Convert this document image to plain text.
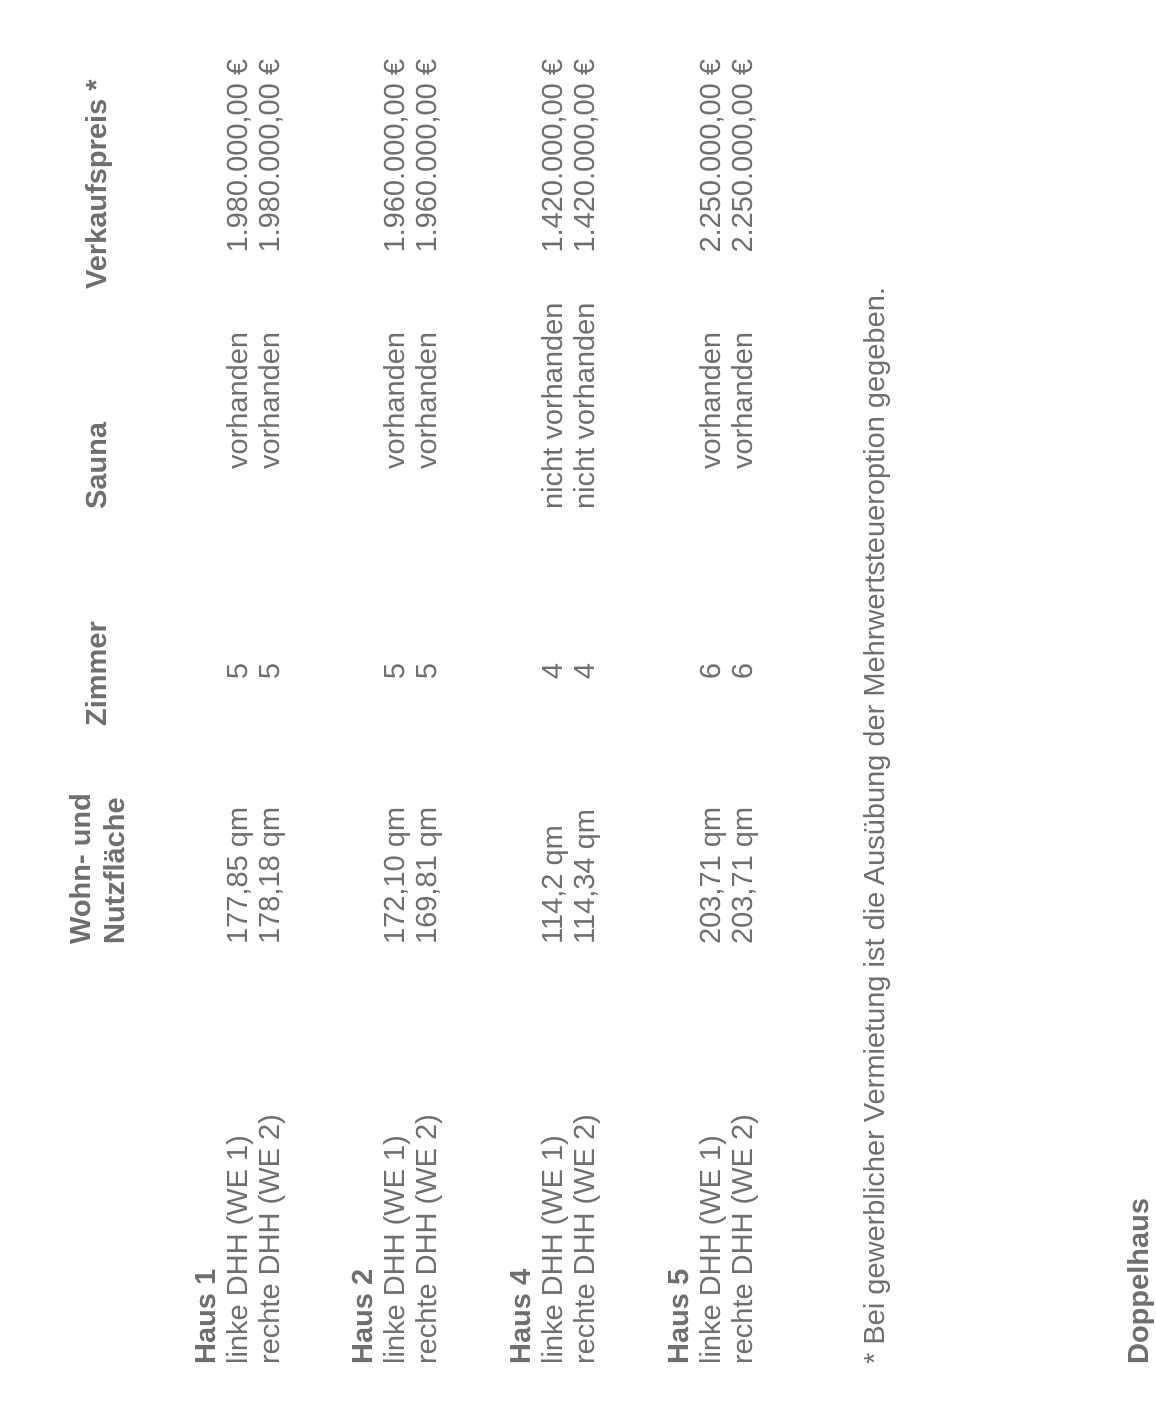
Doppelhaus
Wohn- und Nutzfläche
Zimmer
Sauna
Verkaufspreis *
Haus 1 linke DHH (WE 1)
177,85 qm
5
vorhanden
1.980.000,00 €
rechte DHH (WE 2)
178,18 qm
5
vorhanden
1.980.000,00 €
Haus 2 linke DHH (WE 1)
172,10 qm
5
vorhanden
1.960.000,00 €
rechte DHH (WE 2)
169,81 qm
5
vorhanden
1.960.000,00 €
Haus 4 linke DHH (WE 1)
114,2 qm
4
nicht vorhanden
1.420.000,00 €
rechte DHH (WE 2)
114,34 qm
4
nicht vorhanden
1.420.000,00 €
Haus 5 linke DHH (WE 1)
203,71 qm
6
vorhanden
2.250.000,00 €
rechte DHH (WE 2)
203,71 qm
6
vorhanden
2.250.000,00 €
* Bei gewerblicher Vermietung ist die Ausübung der Mehrwertsteueroption gegeben.
